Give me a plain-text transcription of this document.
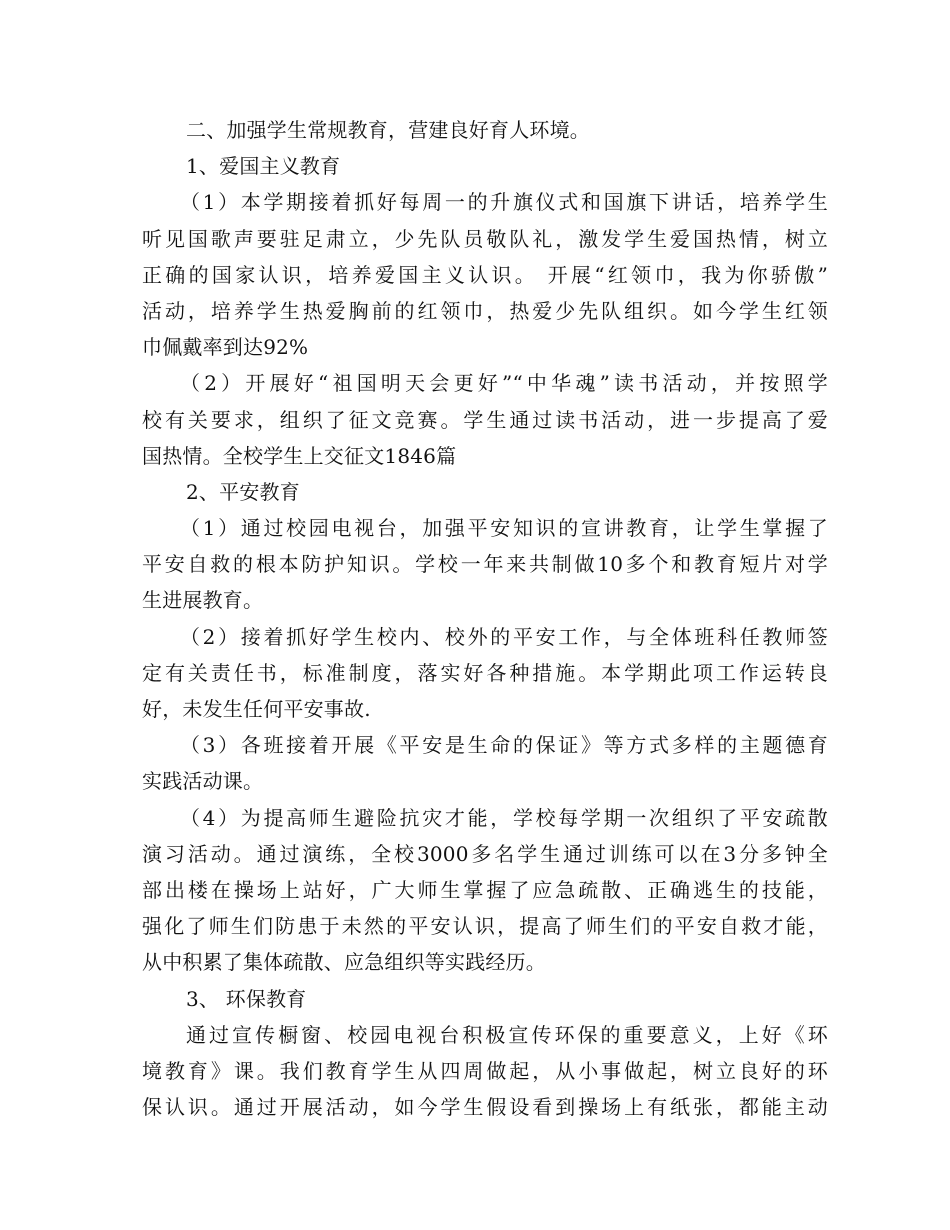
二、加强学生常规教育，营建良好育人环境。
1、爱国主义教育
（1）本学期接着抓好每周一的升旗仪式和国旗下讲话，培养学生
听见国歌声要驻足肃立，少先队员敬队礼，激发学生爱国热情，树立
正确的国家认识，培养爱国主义认识。 开展“红领巾，我为你骄傲”
活动，培养学生热爱胸前的红领巾，热爱少先队组织。如今学生红领
巾佩戴率到达92%
（2）开展好“祖国明天会更好”“中华魂”读书活动，并按照学
校有关要求，组织了征文竞赛。学生通过读书活动，进一步提高了爱
国热情。全校学生上交征文1846篇
2、平安教育
（1）通过校园电视台，加强平安知识的宣讲教育，让学生掌握了
平安自救的根本防护知识。学校一年来共制做10多个和教育短片对学
生进展教育。
（2）接着抓好学生校内、校外的平安工作，与全体班科任教师签
定有关责任书，标准制度，落实好各种措施。本学期此项工作运转良
好，未发生任何平安事故.
（3）各班接着开展《平安是生命的保证》等方式多样的主题德育
实践活动课。
（4）为提高师生避险抗灾才能，学校每学期一次组织了平安疏散
演习活动。通过演练，全校3000多名学生通过训练可以在3分多钟全
部出楼在操场上站好，广大师生掌握了应急疏散、正确逃生的技能，
强化了师生们防患于未然的平安认识，提高了师生们的平安自救才能，
从中积累了集体疏散、应急组织等实践经历。
3、 环保教育
通过宣传橱窗、校园电视台积极宣传环保的重要意义，上好《环
境教育》课。我们教育学生从四周做起，从小事做起，树立良好的环
保认识。通过开展活动，如今学生假设看到操场上有纸张，都能主动
